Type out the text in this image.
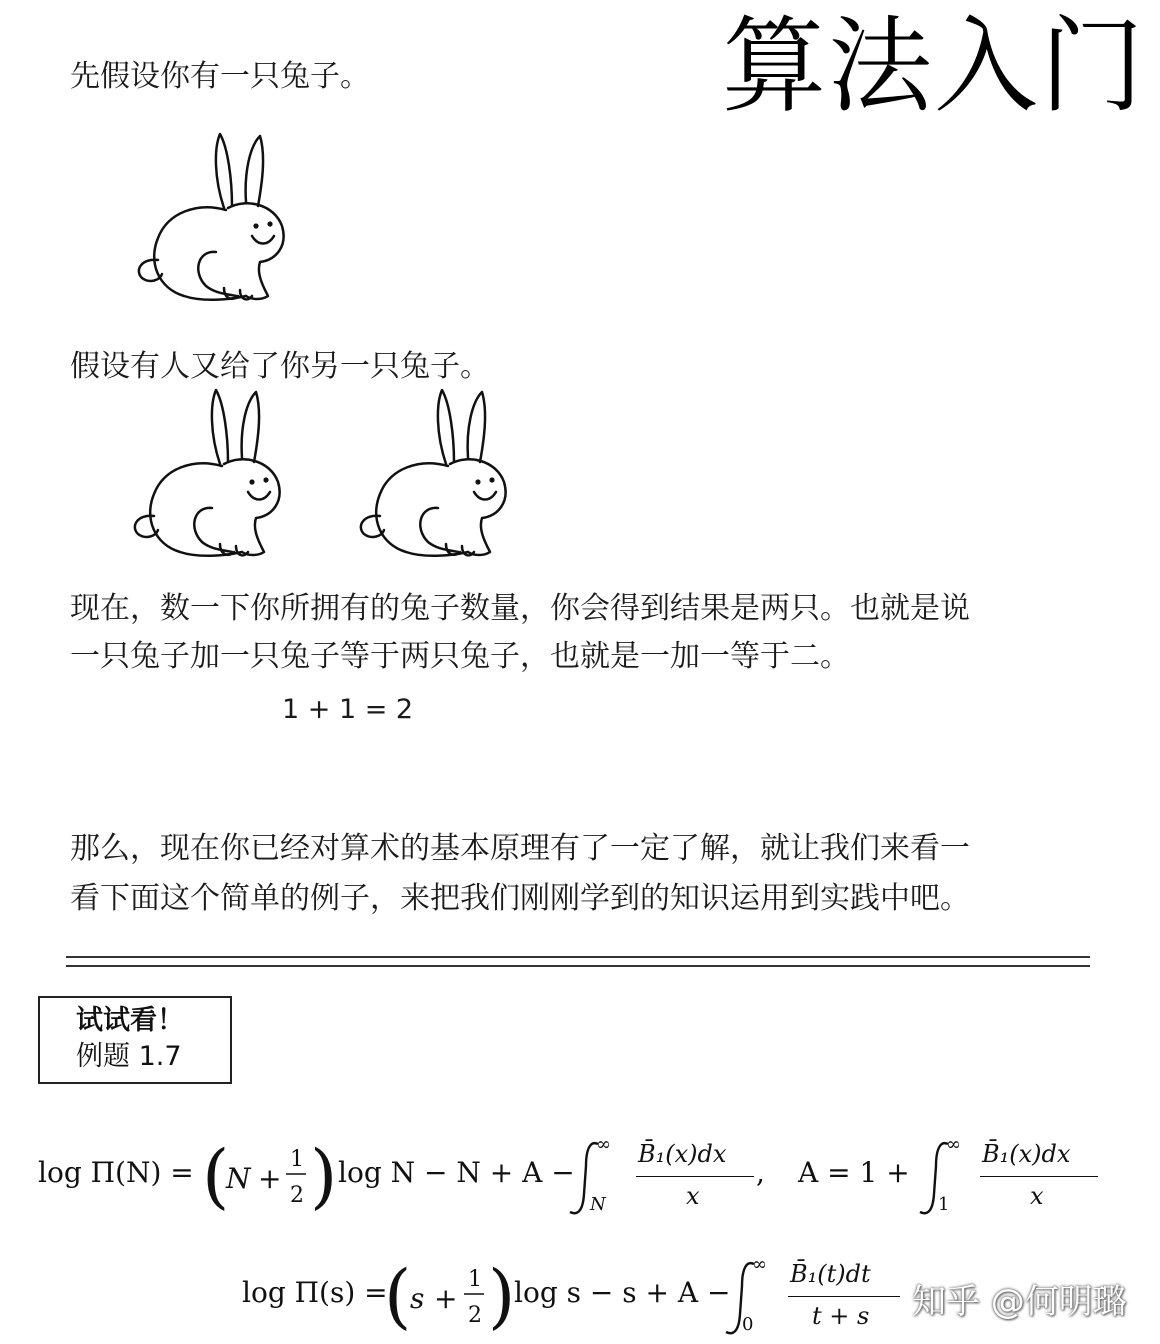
算法入门
先假设你有一只兔子。
假设有人又给了你另一只兔子。
现在，数一下你所拥有的兔子数量，你会得到结果是两只。也就是说
一只兔子加一只兔子等于两只兔子，也就是一加一等于二。
1 + 1 = 2
那么，现在你已经对算术的基本原理有了一定了解，就让我们来看一
看下面这个简单的例子，来把我们刚刚学到的知识运用到实践中吧。
试试看！
例题 1.7
log Π(N) = (
N +
1
2 ) log N − N + A −
∞
N
B̄₁(x)dx
x
, A = 1 +
∞
1
B̄₁(x)dx
x
log Π(s) =
(
s +
1
2 )
log s − s + A −
∞
0
B̄₁(t)dt
t + s 知乎 @何明璐
